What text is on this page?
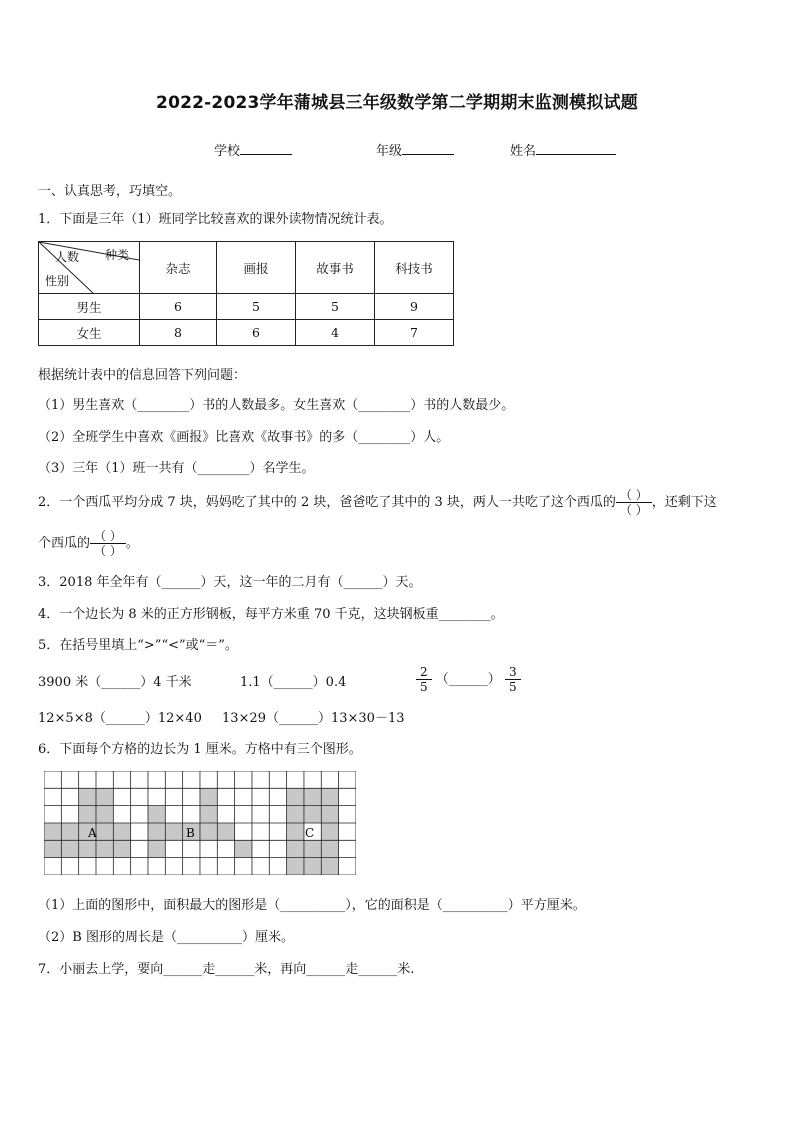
2022-2023学年蒲城县三年级数学第二学期期末监测模拟试题
学校	年级	姓名
一、认真思考，巧填空。
1．下面是三年（1）班同学比较喜欢的课外读物情况统计表。
种类
人数
性别	杂志	画报	故事书	科技书
男生	6	5	5	9
女生	8	6	4	7
根据统计表中的信息回答下列问题：
（1）男生喜欢（________）书的人数最多。女生喜欢（________）书的人数最少。
（2）全班学生中喜欢《画报》比喜欢《故事书》的多（________）人。
（3）三年（1）班一共有（________）名学生。
2．一个西瓜平均分成 7 块，妈妈吃了其中的 2 块，爸爸吃了其中的 3 块，两人一共吃了这个西瓜的 $\frac{( )}{( )}$ ，还剩下这
个西瓜的 $\frac{( )}{( )}$ 。
3．2018 年全年有（______）天，这一年的二月有（______）天。
4．一个边长为 8 米的正方形钢板，每平方米重 70 千克，这块钢板重________。
5．在括号里填上“>”“<”或“＝”。
3900 米（______）4 千米	1.1（______）0.4	$\frac{2}{5}$ （______） $\frac{3}{5}$
12×5×8（______）12×40 13×29（______）13×30－13
6．下面每个方格的边长为 1 厘米。方格中有三个图形。
A	B	C
（1）上面的图形中，面积最大的图形是（__________），它的面积是（__________）平方厘米。
（2）B 图形的周长是（__________）厘米。
7．小丽去上学，要向______走______米，再向______走______米.
